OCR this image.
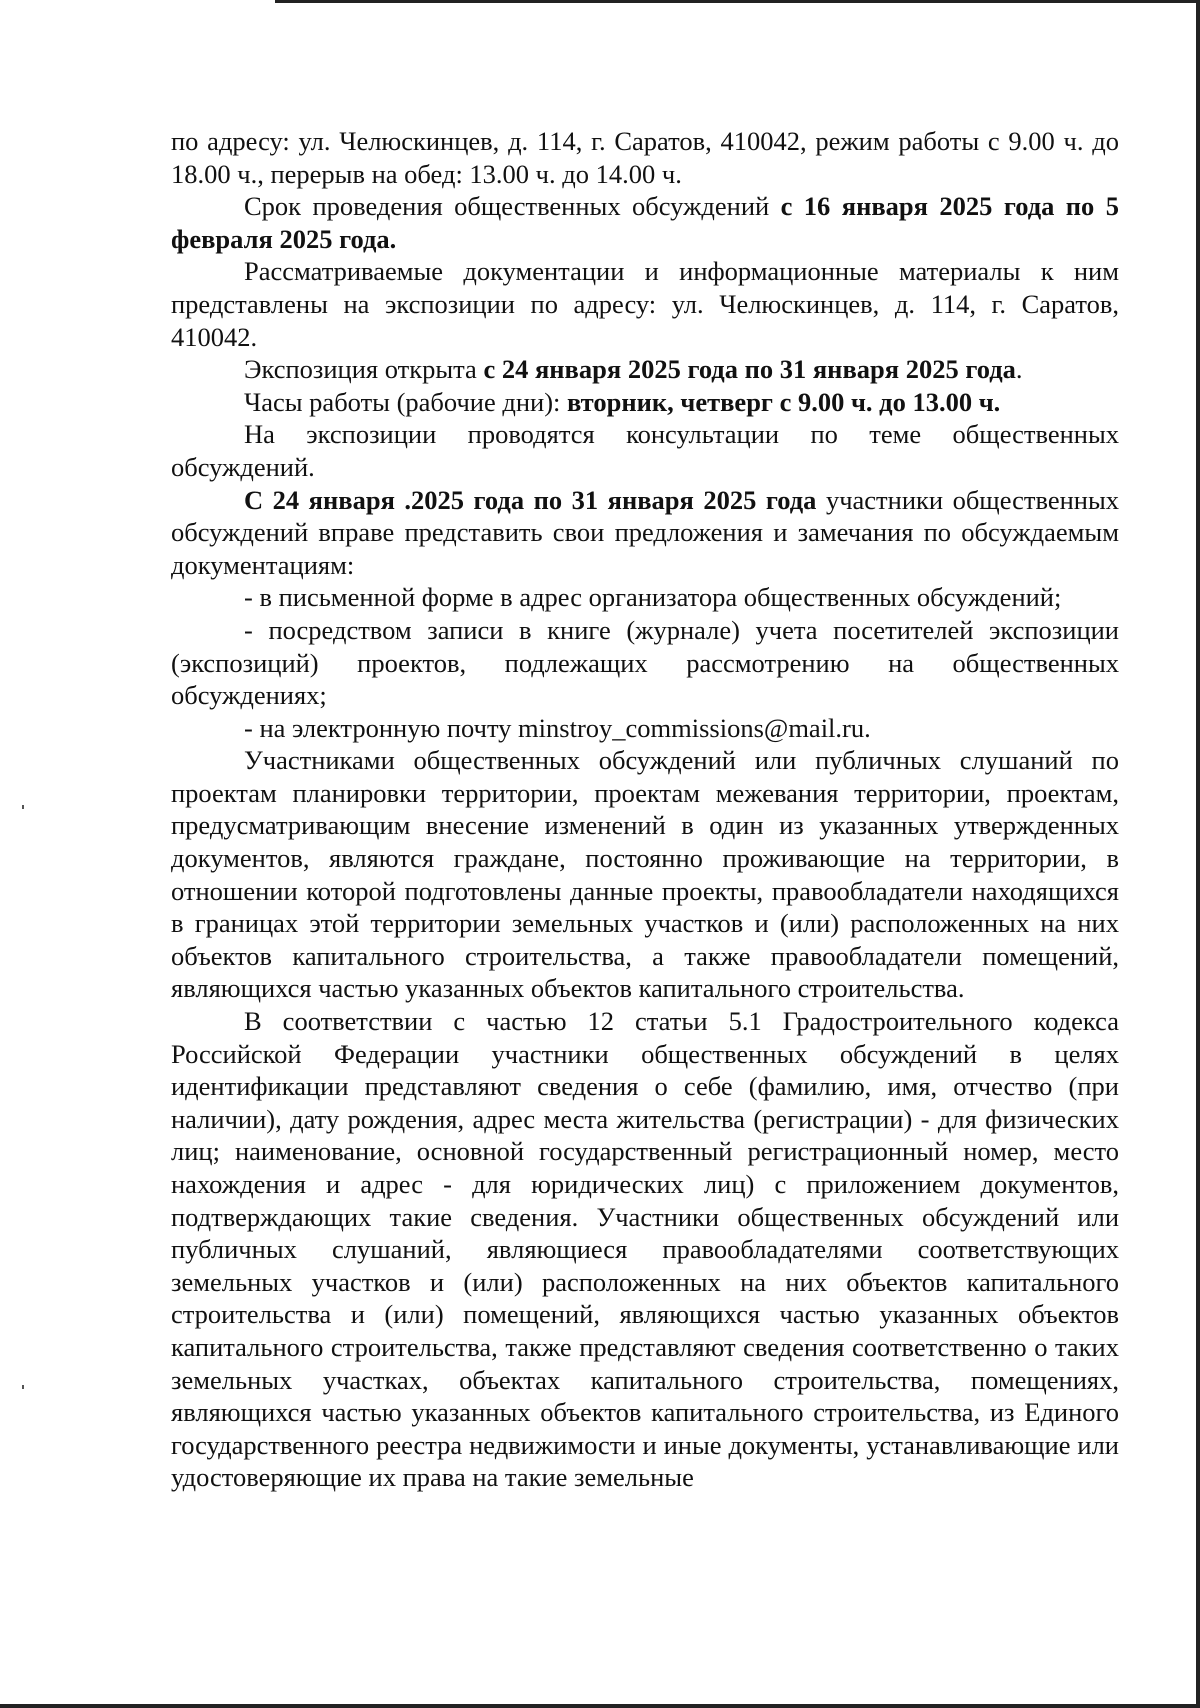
по адресу: ул. Челюскинцев, д. 114, г. Саратов, 410042, режим работы с 9.00 ч. до 18.00 ч., перерыв на обед: 13.00 ч. до 14.00 ч.

Срок проведения общественных обсуждений с 16 января 2025 года по 5 февраля 2025 года.

Рассматриваемые документации и информационные материалы к ним представлены на экспозиции по адресу: ул. Челюскинцев, д. 114, г. Саратов, 410042.

Экспозиция открыта с 24 января 2025 года по 31 января 2025 года.

Часы работы (рабочие дни): вторник, четверг с 9.00 ч. до 13.00 ч.

На экспозиции проводятся консультации по теме общественных обсуждений.

С 24 января .2025 года по 31 января 2025 года участники общественных обсуждений вправе представить свои предложения и замечания по обсуждаемым документациям:

- в письменной форме в адрес организатора общественных обсуждений;

- посредством записи в книге (журнале) учета посетителей экспозиции (экспозиций) проектов, подлежащих рассмотрению на общественных обсуждениях;

- на электронную почту minstroy_commissions@mail.ru.

Участниками общественных обсуждений или публичных слушаний по проектам планировки территории, проектам межевания территории, проектам, предусматривающим внесение изменений в один из указанных утвержденных документов, являются граждане, постоянно проживающие на территории, в отношении которой подготовлены данные проекты, правообладатели находящихся в границах этой территории земельных участков и (или) расположенных на них объектов капитального строительства, а также правообладатели помещений, являющихся частью указанных объектов капитального строительства.

В соответствии с частью 12 статьи 5.1 Градостроительного кодекса Российской Федерации участники общественных обсуждений в целях идентификации представляют сведения о себе (фамилию, имя, отчество (при наличии), дату рождения, адрес места жительства (регистрации) - для физических лиц; наименование, основной государственный регистрационный номер, место нахождения и адрес - для юридических лиц) с приложением документов, подтверждающих такие сведения. Участники общественных обсуждений или публичных слушаний, являющиеся правообладателями соответствующих земельных участков и (или) расположенных на них объектов капитального строительства и (или) помещений, являющихся частью указанных объектов капитального строительства, также представляют сведения соответственно о таких земельных участках, объектах капитального строительства, помещениях, являющихся частью указанных объектов капитального строительства, из Единого государственного реестра недвижимости и иные документы, устанавливающие или удостоверяющие их права на такие земельные
